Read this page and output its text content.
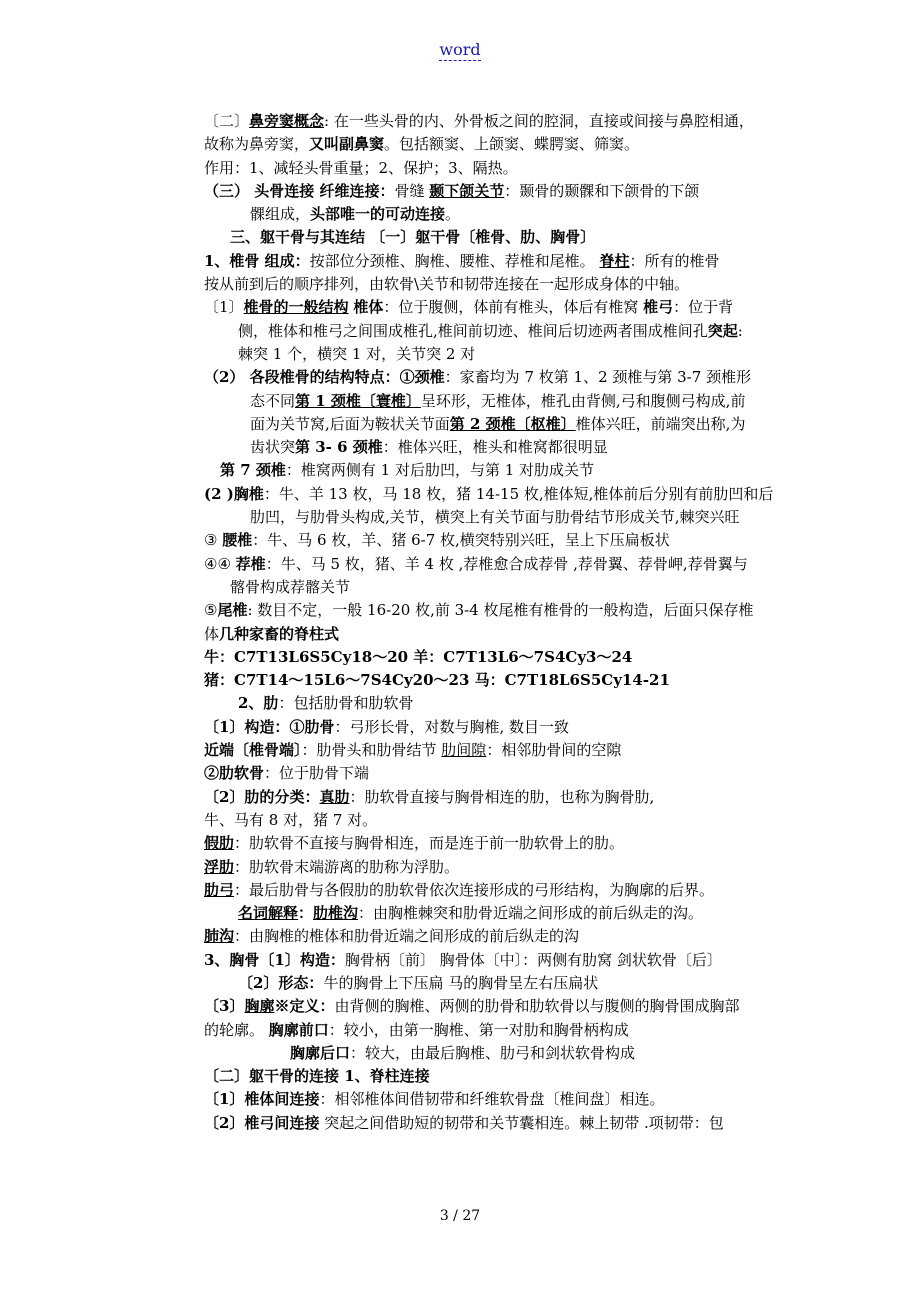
word
〔二〕鼻旁窦概念: 在一些头骨的内、外骨板之间的腔洞，直接或间接与鼻腔相通，
故称为鼻旁窦，又叫副鼻窦。包括额窦、上颌窦、蝶腭窦、筛窦。
作用：1、减轻头骨重量；2、保护；3、隔热。
（三） 头骨连接 纤维连接：骨缝 颞下颌关节：颞骨的颞髁和下颌骨的下颌
髁组成，头部唯一的可动连接。
三、躯干骨与其连结 〔一〕躯干骨〔椎骨、肋、胸骨〕
1、椎骨 组成：按部位分颈椎、胸椎、腰椎、荐椎和尾椎。 脊柱：所有的椎骨
按从前到后的顺序排列，由软骨\关节和韧带连接在一起形成身体的中轴。
〔1〕椎骨的一般结构 椎体：位于腹侧，体前有椎头，体后有椎窝 椎弓：位于背
侧，椎体和椎弓之间围成椎孔,椎间前切迹、椎间后切迹两者围成椎间孔突起:
棘突 1 个，横突 1 对，关节突 2 对
（2） 各段椎骨的结构特点：①颈椎：家畜均为 7 枚第 1、2 颈椎与第 3-7 颈椎形
态不同第 1 颈椎〔寰椎〕呈环形，无椎体，椎孔由背侧,弓和腹侧弓构成,前
面为关节窝,后面为鞍状关节面第 2 颈椎〔枢椎〕椎体兴旺，前端突出称,为
齿状突第 3- 6 颈椎：椎体兴旺，椎头和椎窝都很明显
第 7 颈椎：椎窝两侧有 1 对后肋凹，与第 1 对肋成关节
(2 )胸椎：牛、羊 13 枚，马 18 枚，猪 14-15 枚,椎体短,椎体前后分别有前肋凹和后
肋凹，与肋骨头构成,关节，横突上有关节面与肋骨结节形成关节,棘突兴旺
③ 腰椎：牛、马 6 枚，羊、猪 6-7 枚,横突特别兴旺，呈上下压扁板状
④④ 荐椎：牛、马 5 枚，猪、羊 4 枚 ,荐椎愈合成荐骨 ,荐骨翼、荐骨岬,荐骨翼与
髂骨构成荐髂关节
⑤尾椎: 数目不定，一般 16-20 枚,前 3-4 枚尾椎有椎骨的一般构造，后面只保存椎
体几种家畜的脊柱式
牛：C7T13L6S5Cy18～20 羊：C7T13L6～7S4Cy3～24
猪：C7T14～15L6～7S4Cy20～23 马：C7T18L6S5Cy14-21
2、肋：包括肋骨和肋软骨
〔1〕构造：①肋骨：弓形长骨，对数与胸椎, 数目一致
近端〔椎骨端〕：肋骨头和肋骨结节 肋间隙：相邻肋骨间的空隙
②肋软骨：位于肋骨下端
〔2〕肋的分类：真肋：肋软骨直接与胸骨相连的肋，也称为胸骨肋,
牛、马有 8 对，猪 7 对。
假肋：肋软骨不直接与胸骨相连，而是连于前一肋软骨上的肋。
浮肋：肋软骨末端游离的肋称为浮肋。
肋弓：最后肋骨与各假肋的肋软骨依次连接形成的弓形结构，为胸廓的后界。
名词解释：肋椎沟：由胸椎棘突和肋骨近端之间形成的前后纵走的沟。
肺沟：由胸椎的椎体和肋骨近端之间形成的前后纵走的沟
3、胸骨〔1〕构造：胸骨柄〔前〕 胸骨体〔中〕：两侧有肋窝 剑状软骨〔后〕
〔2〕形态：牛的胸骨上下压扁 马的胸骨呈左右压扁状
〔3〕胸廓※定义：由背侧的胸椎、两侧的肋骨和肋软骨以与腹侧的胸骨围成胸部
的轮廓。 胸廓前口：较小，由第一胸椎、第一对肋和胸骨柄构成
胸廓后口：较大，由最后胸椎、肋弓和剑状软骨构成
〔二〕躯干骨的连接 1、脊柱连接
〔1〕椎体间连接：相邻椎体间借韧带和纤维软骨盘〔椎间盘〕相连。
〔2〕椎弓间连接 突起之间借助短的韧带和关节囊相连。棘上韧带 .项韧带：包
3 / 27
